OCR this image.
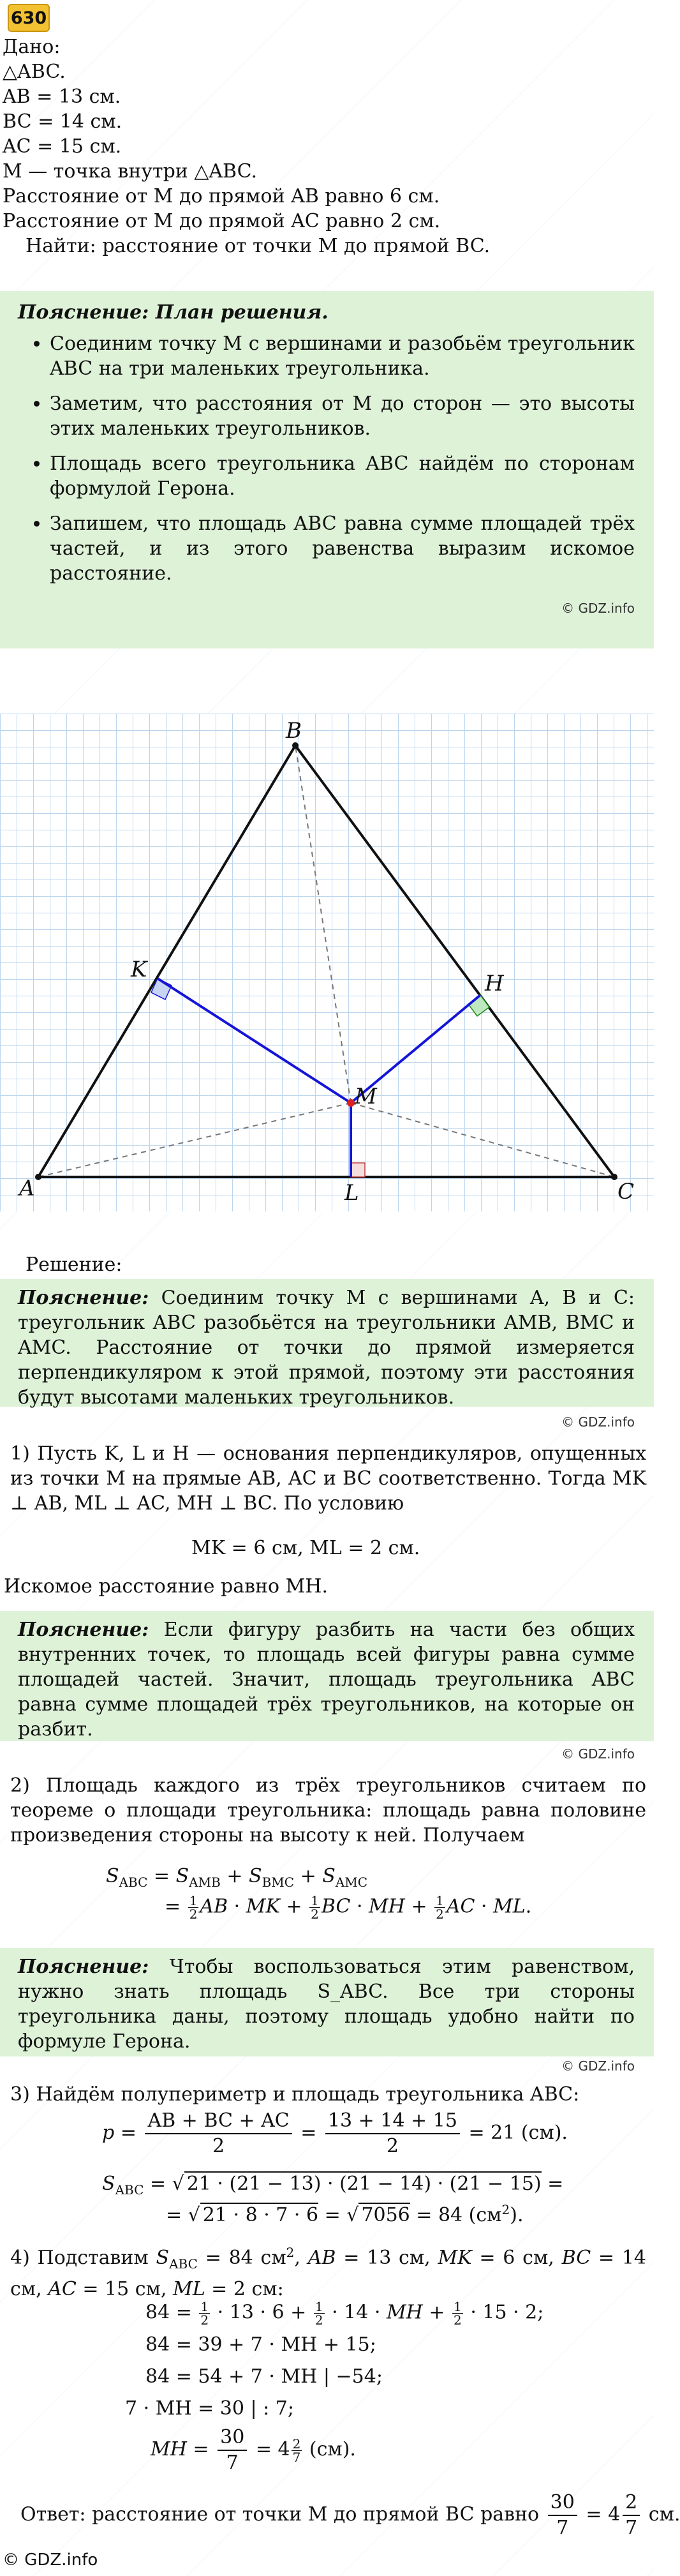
630
Дано:
△ABC.
AB = 13 см.
BC = 14 см.
AC = 15 см.
M — точка внутри △ABC.
Расстояние от M до прямой AB равно 6 см.
Расстояние от M до прямой AC равно 2 см.
Найти: расстояние от точки M до прямой BC.
Пояснение: План решения.
• Соединим точку M с вершинами и разобьём треугольник ABC на три маленьких треугольника.
• Заметим, что расстояния от M до сторон — это высоты этих маленьких треугольников.
• Площадь всего треугольника ABC найдём по сторонам формулой Герона.
• Запишем, что площадь ABC равна сумме площадей трёх частей, и из этого равенства выразим искомое расстояние.
© GDZ.info
A
B
C
K
H
M
L
Решение:
Пояснение: Соединим точку M с вершинами A, B и C: треугольник ABC разобьётся на треугольники AMB, BMC и AMC. Расстояние от точки до прямой измеряется перпендикуляром к этой прямой, поэтому эти расстояния будут высотами маленьких треугольников.
© GDZ.info
1) Пусть K, L и H — основания перпендикуляров, опущенных из точки M на прямые AB, AC и BC соответственно. Тогда MK ⊥ AB, ML ⊥ AC, MH ⊥ BC. По условию
MK = 6 см, ML = 2 см.
Искомое расстояние равно MH.
Пояснение: Если фигуру разбить на части без общих внутренних точек, то площадь всей фигуры равна сумме площадей частей. Значит, площадь треугольника ABC равна сумме площадей трёх треугольников, на которые он разбит.
© GDZ.info
2) Площадь каждого из трёх треугольников считаем по теореме о площади треугольника: площадь равна половине произведения стороны на высоту к ней. Получаем
$S_{ABC} = S_{AMB} + S_{BMC} + S_{AMC}$
= $\frac{1}{2}$ AB · MK + $\frac{1}{2}$ BC · MH + $\frac{1}{2}$ AC · ML.
Пояснение: Чтобы воспользоваться этим равенством, нужно знать площадь S_ABC. Все три стороны треугольника даны, поэтому площадь удобно найти по формуле Герона.
© GDZ.info
3) Найдём полупериметр и площадь треугольника ABC:
$p = \frac{AB + BC + AC}{2} = \frac{13 + 14 + 15}{2} = 21$ (см).
$S_{ABC}$ = √ 21 · (21 − 13) · (21 − 14) · (21 − 15) =
= √ 21 · 8 · 7 · 6 = √ 7056 = 84 $(см^2)$.
4) Подставим $S_{ABC} = 84$ $см^2$, AB = 13 см, MK = 6 см, BC = 14 см, AC = 15 см, ML = 2 см:
$84 = \frac{1}{2} \cdot 13 \cdot 6 + \frac{1}{2} \cdot 14$ · MH + $\frac{1}{2} \cdot 15 \cdot 2$;
84 = 39 + 7 · MH + 15;
84 = 54 + 7 · MH | −54;
7 · MH = 30 | : 7;
MH = $\frac{30}{7} = 4 \frac{2}{7} (см)$.
Ответ: расстояние от точки M до прямой BC равно $\frac{30}{7} = 4 \frac{2}{7}$ см.
© GDZ.info
